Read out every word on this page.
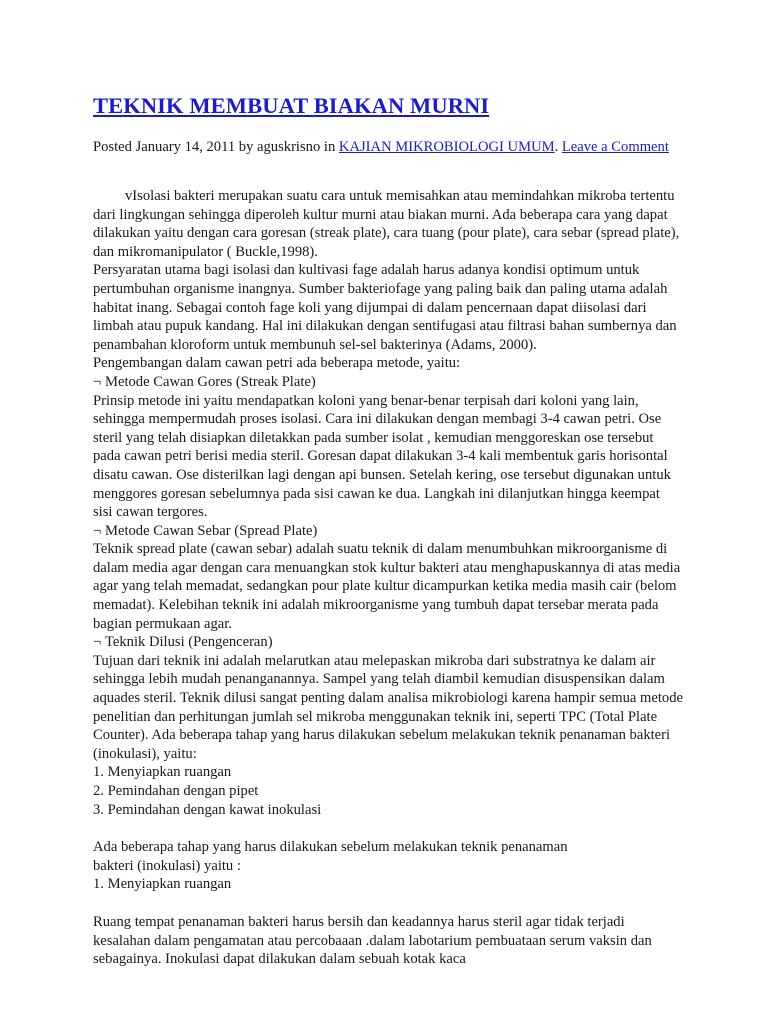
TEKNIK MEMBUAT BIAKAN MURNI
Posted January 14, 2011 by aguskrisno in KAJIAN MIKROBIOLOGI UMUM. Leave a Comment

vIsolasi bakteri merupakan suatu cara untuk memisahkan atau memindahkan mikroba tertentu dari lingkungan sehingga diperoleh kultur murni atau biakan murni. Ada beberapa cara yang dapat dilakukan yaitu dengan cara goresan (streak plate), cara tuang (pour plate), cara sebar (spread plate), dan mikromanipulator ( Buckle,1998).

Persyaratan utama bagi isolasi dan kultivasi fage adalah harus adanya kondisi optimum untuk pertumbuhan organisme inangnya. Sumber bakteriofage yang paling baik dan paling utama adalah habitat inang. Sebagai contoh fage koli yang dijumpai di dalam pencernaan dapat diisolasi dari limbah atau pupuk kandang. Hal ini dilakukan dengan sentifugasi atau filtrasi bahan sumbernya dan penambahan kloroform untuk membunuh sel-sel bakterinya (Adams, 2000).

Pengembangan dalam cawan petri ada beberapa metode, yaitu:

¬ Metode Cawan Gores (Streak Plate)

Prinsip metode ini yaitu mendapatkan koloni yang benar-benar terpisah dari koloni yang lain, sehingga mempermudah proses isolasi. Cara ini dilakukan dengan membagi 3-4 cawan petri. Ose steril yang telah disiapkan diletakkan pada sumber isolat , kemudian menggoreskan ose tersebut pada cawan petri berisi media steril. Goresan dapat dilakukan 3-4 kali membentuk garis horisontal disatu cawan. Ose disterilkan lagi dengan api bunsen. Setelah kering, ose tersebut digunakan untuk menggores goresan sebelumnya pada sisi cawan ke dua. Langkah ini dilanjutkan hingga keempat sisi cawan tergores.

¬ Metode Cawan Sebar (Spread Plate)

Teknik spread plate (cawan sebar) adalah suatu teknik di dalam menumbuhkan mikroorganisme di dalam media agar dengan cara menuangkan stok kultur bakteri atau menghapuskannya di atas media agar yang telah memadat, sedangkan pour plate kultur dicampurkan ketika media masih cair (belom memadat). Kelebihan teknik ini adalah mikroorganisme yang tumbuh dapat tersebar merata pada bagian permukaan agar.

¬ Teknik Dilusi (Pengenceran)

Tujuan dari teknik ini adalah melarutkan atau melepaskan mikroba dari substratnya ke dalam air sehingga lebih mudah penanganannya. Sampel yang telah diambil kemudian disuspensikan dalam aquades steril. Teknik dilusi sangat penting dalam analisa mikrobiologi karena hampir semua metode penelitian dan perhitungan jumlah sel mikroba menggunakan teknik ini, seperti TPC (Total Plate Counter). Ada beberapa tahap yang harus dilakukan sebelum melakukan teknik penanaman bakteri (inokulasi), yaitu:

1. Menyiapkan ruangan

2. Pemindahan dengan pipet

3. Pemindahan dengan kawat inokulasi

Ada beberapa tahap yang harus dilakukan sebelum melakukan teknik penanaman

bakteri (inokulasi) yaitu :

1. Menyiapkan ruangan

Ruang tempat penanaman bakteri harus bersih dan keadannya harus steril agar tidak terjadi kesalahan dalam pengamatan atau percobaaan .dalam labotarium pembuataan serum vaksin dan sebagainya. Inokulasi dapat dilakukan dalam sebuah kotak kaca
